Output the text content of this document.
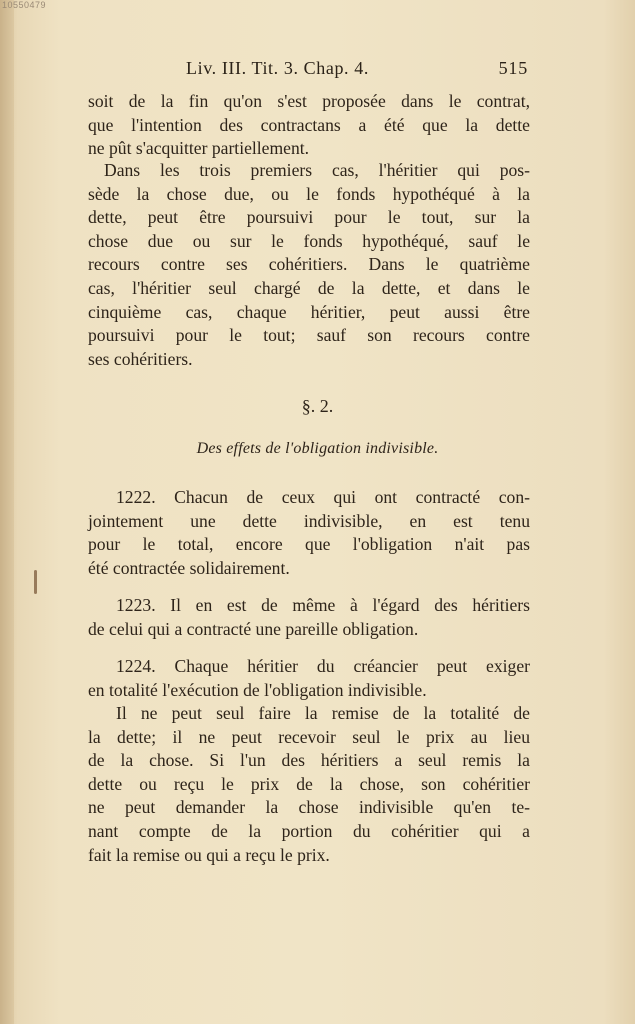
10550479
Liv. III. Tit. 3. Chap. 4.	515
soit de la fin qu'on s'est proposée dans le contrat,
que l'intention des contractans a été que la dette
ne pût s'acquitter partiellement.
Dans les trois premiers cas, l'héritier qui pos-
sède la chose due, ou le fonds hypothéqué à la
dette, peut être poursuivi pour le tout, sur la
chose due ou sur le fonds hypothéqué, sauf le
recours contre ses cohéritiers. Dans le quatrième
cas, l'héritier seul chargé de la dette, et dans le
cinquième cas, chaque héritier, peut aussi être
poursuivi pour le tout; sauf son recours contre
ses cohéritiers.
§. 2.
Des effets de l'obligation indivisible.
1222. Chacun de ceux qui ont contracté con-
jointement une dette indivisible, en est tenu
pour le total, encore que l'obligation n'ait pas
été contractée solidairement.
1223. Il en est de même à l'égard des héritiers
de celui qui a contracté une pareille obligation.
1224. Chaque héritier du créancier peut exiger
en totalité l'exécution de l'obligation indivisible.
Il ne peut seul faire la remise de la totalité de
la dette; il ne peut recevoir seul le prix au lieu
de la chose. Si l'un des héritiers a seul remis la
dette ou reçu le prix de la chose, son cohéritier
ne peut demander la chose indivisible qu'en te-
nant compte de la portion du cohéritier qui a
fait la remise ou qui a reçu le prix.
